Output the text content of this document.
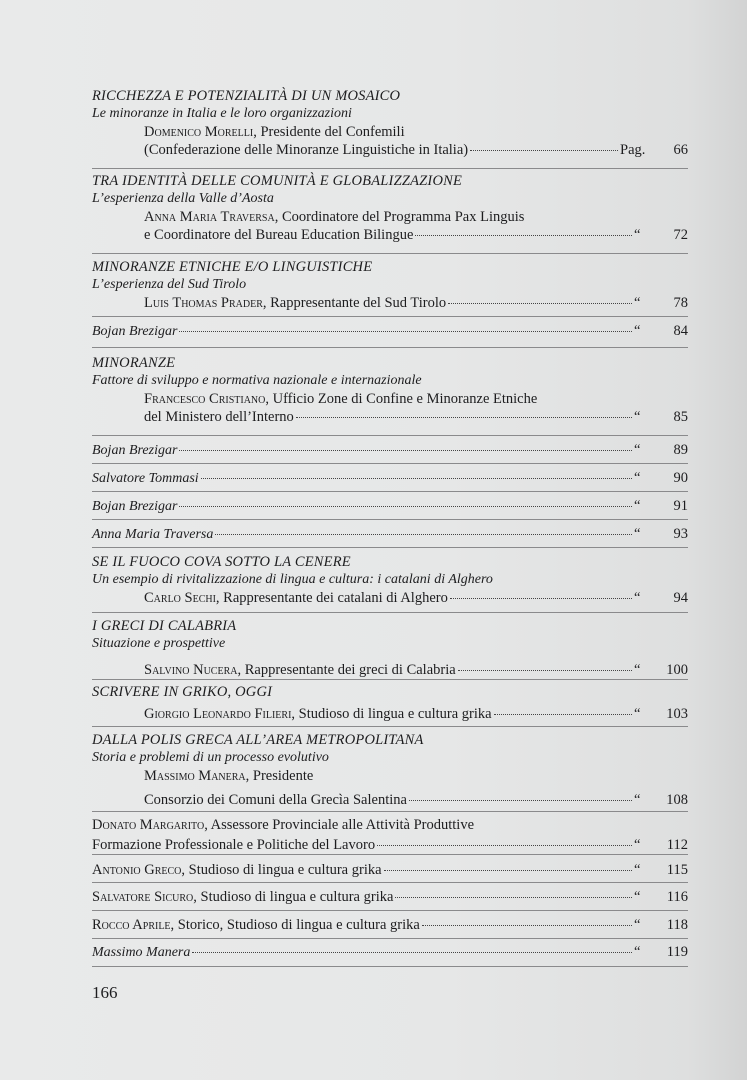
RICCHEZZA E POTENZIALITÀ DI UN MOSAICO
Le minoranze in Italia e le loro organizzazioni
Domenico Morelli, Presidente del Confemili
(Confederazione delle Minoranze Linguistiche in Italia)	Pag.	66
TRA IDENTITÀ DELLE COMUNITÀ E GLOBALIZZAZIONE
L’esperienza della Valle d’Aosta
Anna Maria Traversa, Coordinatore del Programma Pax Linguis
e Coordinatore del Bureau Education Bilingue	“	72
MINORANZE ETNICHE E/O LINGUISTICHE
L’esperienza del Sud Tirolo
Luis Thomas Prader, Rappresentante del Sud Tirolo	“	78
Bojan Brezigar	“	84
MINORANZE
Fattore di sviluppo e normativa nazionale e internazionale
Francesco Cristiano, Ufficio Zone di Confine e Minoranze Etniche
del Ministero dell’Interno	“	85
Bojan Brezigar	“	89
Salvatore Tommasi	“	90
Bojan Brezigar	“	91
Anna Maria Traversa	“	93
SE IL FUOCO COVA SOTTO LA CENERE
Un esempio di rivitalizzazione di lingua e cultura: i catalani di Alghero
Carlo Sechi, Rappresentante dei catalani di Alghero	“	94
I GRECI DI CALABRIA
Situazione e prospettive
Salvino Nucera, Rappresentante dei greci di Calabria	“	100
SCRIVERE IN GRIKO, OGGI
Giorgio Leonardo Filieri, Studioso di lingua e cultura grika	“	103
DALLA POLIS GRECA ALL’AREA METROPOLITANA
Storia e problemi di un processo evolutivo
Massimo Manera, Presidente
Consorzio dei Comuni della Grecìa Salentina	“	108
Donato Margarito, Assessore Provinciale alle Attività Produttive
Formazione Professionale e Politiche del Lavoro	“	112
Antonio Greco, Studioso di lingua e cultura grika	“	115
Salvatore Sicuro, Studioso di lingua e cultura grika	“	116
Rocco Aprile, Storico, Studioso di lingua e cultura grika	“	118
Massimo Manera	“	119
166
